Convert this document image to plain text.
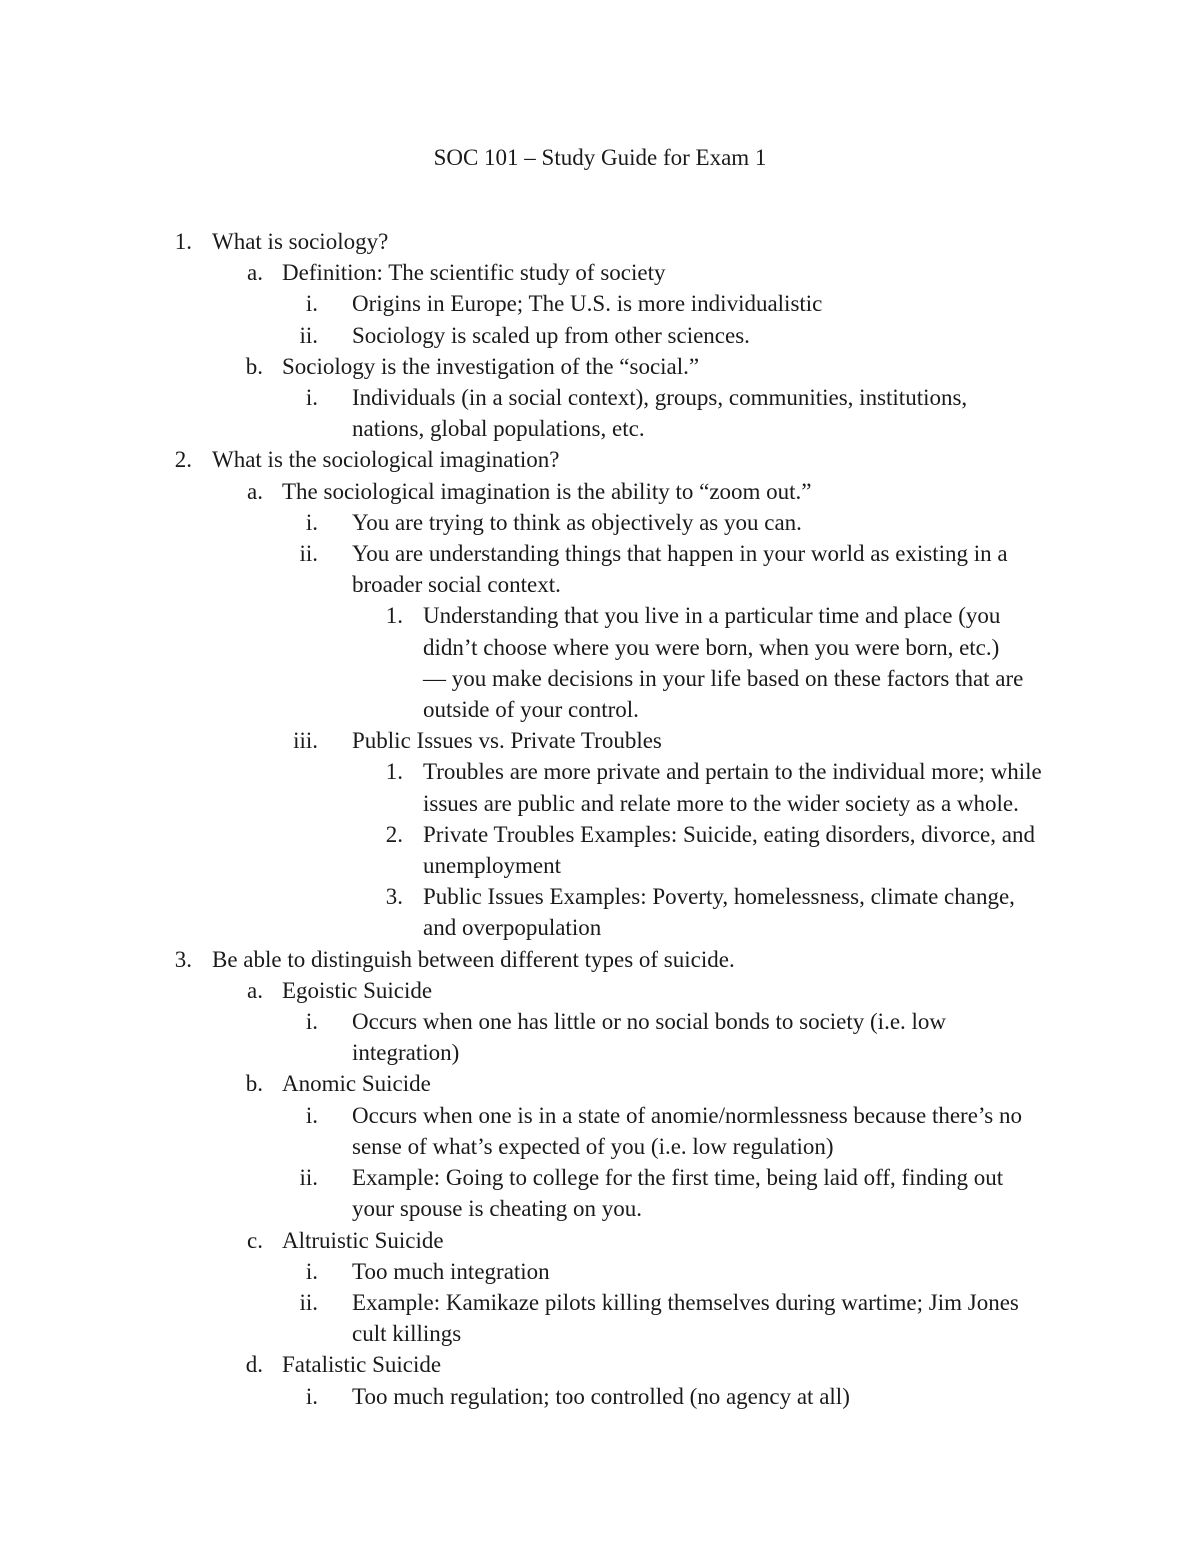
SOC 101 – Study Guide for Exam 1
1. What is sociology?
a. Definition: The scientific study of society
i. Origins in Europe; The U.S. is more individualistic
ii. Sociology is scaled up from other sciences.
b. Sociology is the investigation of the “social.”
i. Individuals (in a social context), groups, communities, institutions,
nations, global populations, etc.
2. What is the sociological imagination?
a. The sociological imagination is the ability to “zoom out.”
i. You are trying to think as objectively as you can.
ii. You are understanding things that happen in your world as existing in a
broader social context.
1. Understanding that you live in a particular time and place (you
didn’t choose where you were born, when you were born, etc.)
— you make decisions in your life based on these factors that are
outside of your control.
iii. Public Issues vs. Private Troubles
1. Troubles are more private and pertain to the individual more; while
issues are public and relate more to the wider society as a whole.
2. Private Troubles Examples: Suicide, eating disorders, divorce, and
unemployment
3. Public Issues Examples: Poverty, homelessness, climate change,
and overpopulation
3. Be able to distinguish between different types of suicide.
a. Egoistic Suicide
i. Occurs when one has little or no social bonds to society (i.e. low
integration)
b. Anomic Suicide
i. Occurs when one is in a state of anomie/normlessness because there’s no
sense of what’s expected of you (i.e. low regulation)
ii. Example: Going to college for the first time, being laid off, finding out
your spouse is cheating on you.
c. Altruistic Suicide
i. Too much integration
ii. Example: Kamikaze pilots killing themselves during wartime; Jim Jones
cult killings
d. Fatalistic Suicide
i. Too much regulation; too controlled (no agency at all)
